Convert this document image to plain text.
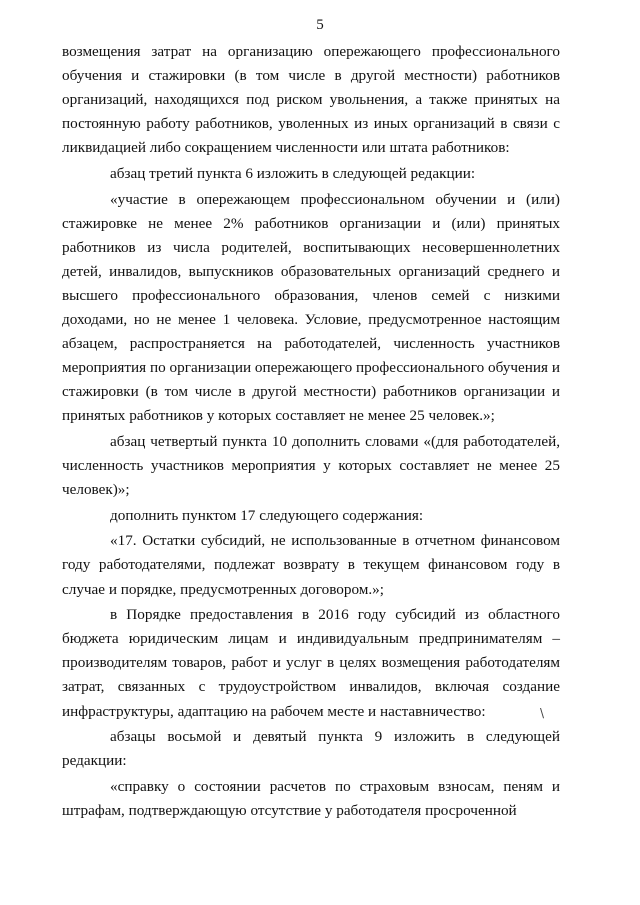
5

возмещения затрат на организацию опережающего профессионального обучения и стажировки (в том числе в другой местности) работников организаций, находящихся под риском увольнения, а также принятых на постоянную работу работников, уволенных из иных организаций в связи с ликвидацией либо сокращением численности или штата работников:

абзац третий пункта 6 изложить в следующей редакции:

«участие в опережающем профессиональном обучении и (или) стажировке не менее 2% работников организации и (или) принятых работников из числа родителей, воспитывающих несовершеннолетних детей, инвалидов, выпускников образовательных организаций среднего и высшего профессионального образования, членов семей с низкими доходами, но не менее 1 человека. Условие, предусмотренное настоящим абзацем, распространяется на работодателей, численность участников мероприятия по организации опережающего профессионального обучения и стажировки (в том числе в другой местности) работников организации и принятых работников у которых составляет не менее 25 человек.»;

абзац четвертый пункта 10 дополнить словами «(для работодателей, численность участников мероприятия у которых составляет не менее 25 человек)»;

дополнить пунктом 17 следующего содержания:

«17. Остатки субсидий, не использованные в отчетном финансовом году работодателями, подлежат возврату в текущем финансовом году в случае и порядке, предусмотренных договором.»;

в Порядке предоставления в 2016 году субсидий из областного бюджета юридическим лицам и индивидуальным предпринимателям – производителям товаров, работ и услуг в целях возмещения работодателям затрат, связанных с трудоустройством инвалидов, включая создание инфраструктуры, адаптацию на рабочем месте и наставничество:

абзацы восьмой и девятый пункта 9 изложить в следующей редакции:

«справку о состоянии расчетов по страховым взносам, пеням и штрафам, подтверждающую отсутствие у работодателя просроченной

\
